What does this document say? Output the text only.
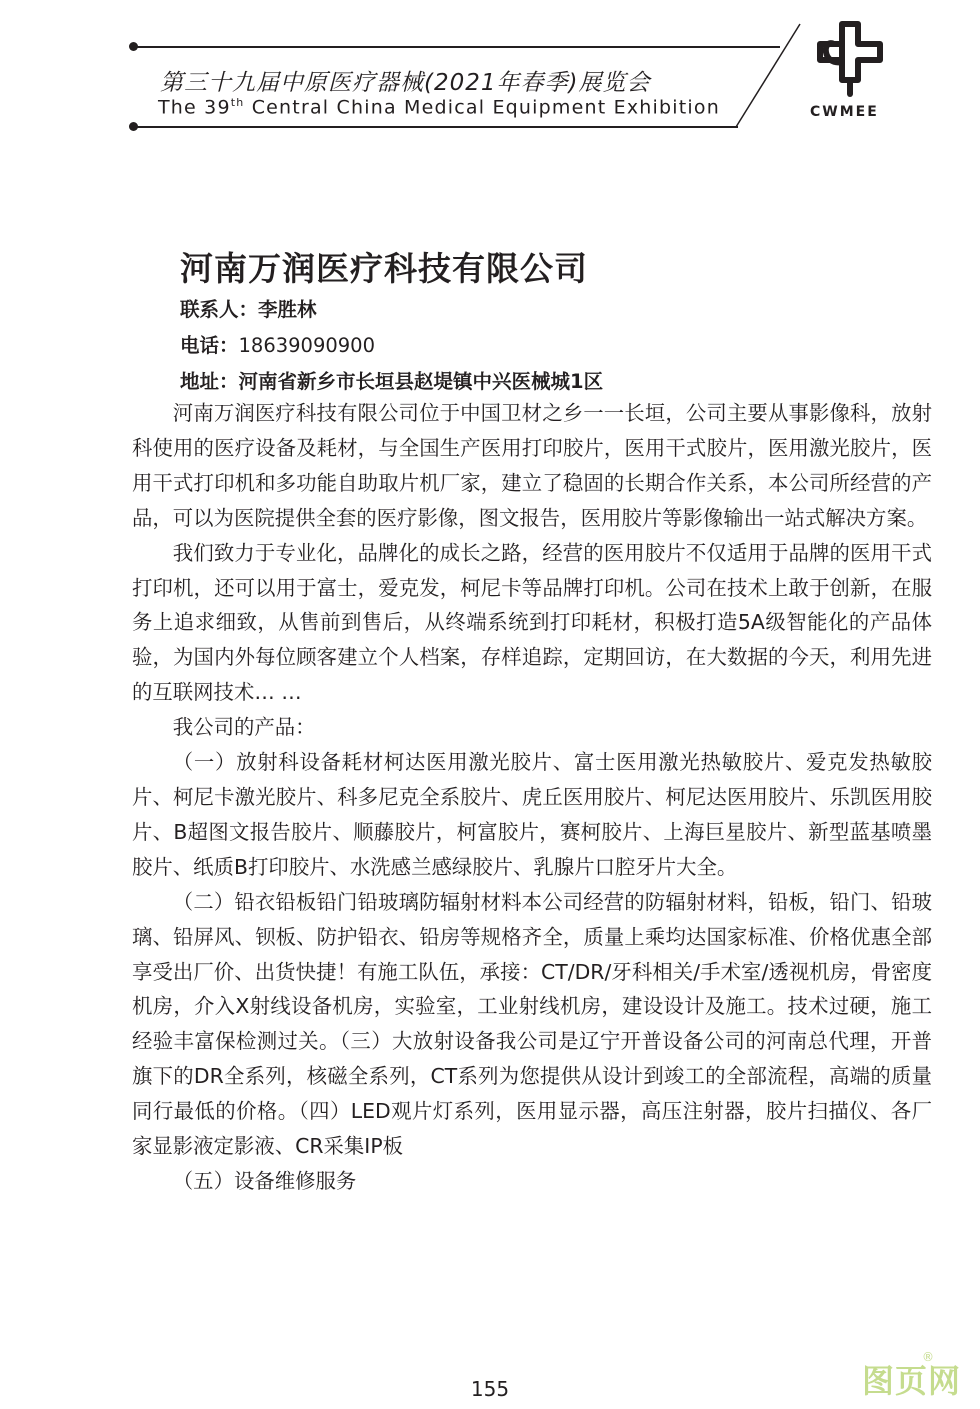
第三十九届中原医疗器械(2021年春季)展览会
The 39th Central China Medical Equipment Exhibition	CWMEE
河南万润医疗科技有限公司
联系人：李胜林
电话：18639090900
地址：河南省新乡市长垣县赵堤镇中兴医械城1区

河南万润医疗科技有限公司位于中国卫材之乡一一长垣，公司主要从事影像科，放射科使用的医疗设备及耗材，与全国生产医用打印胶片，医用干式胶片，医用激光胶片，医用干式打印机和多功能自助取片机厂家，建立了稳固的长期合作关系，本公司所经营的产品，可以为医院提供全套的医疗影像，图文报告，医用胶片等影像输出一站式解决方案。

我们致力于专业化，品牌化的成长之路，经营的医用胶片不仅适用于品牌的医用干式打印机，还可以用于富士，爱克发，柯尼卡等品牌打印机。公司在技术上敢于创新，在服务上追求细致，从售前到售后，从终端系统到打印耗材，积极打造5A级智能化的产品体验，为国内外每位顾客建立个人档案，存样追踪，定期回访，在大数据的今天，利用先进的互联网技术… …

我公司的产品：

（一）放射科设备耗材柯达医用激光胶片、富士医用激光热敏胶片、爱克发热敏胶片、柯尼卡激光胶片、科多尼克全系胶片、虎丘医用胶片、柯尼达医用胶片、乐凯医用胶片、B超图文报告胶片、顺藤胶片，柯富胶片，赛柯胶片、上海巨星胶片、新型蓝基喷墨胶片、纸质B打印胶片、水洗感兰感绿胶片、乳腺片口腔牙片大全。

（二）铅衣铅板铅门铅玻璃防辐射材料本公司经营的防辐射材料，铅板，铅门、铅玻璃、铅屏风、钡板、防护铅衣、铅房等规格齐全，质量上乘均达国家标准、价格优惠全部享受出厂价、出货快捷！有施工队伍，承接：CT/DR/牙科相关/手术室/透视机房，骨密度机房，介入X射线设备机房，实验室，工业射线机房，建设设计及施工。技术过硬，施工经验丰富保检测过关。（三）大放射设备我公司是辽宁开普设备公司的河南总代理，开普旗下的DR全系列，核磁全系列，CT系列为您提供从设计到竣工的全部流程，高端的质量同行最低的价格。（四）LED观片灯系列，医用显示器，高压注射器，胶片扫描仪、各厂家显影液定影液、CR采集IP板

（五）设备维修服务

155	图页网
®
